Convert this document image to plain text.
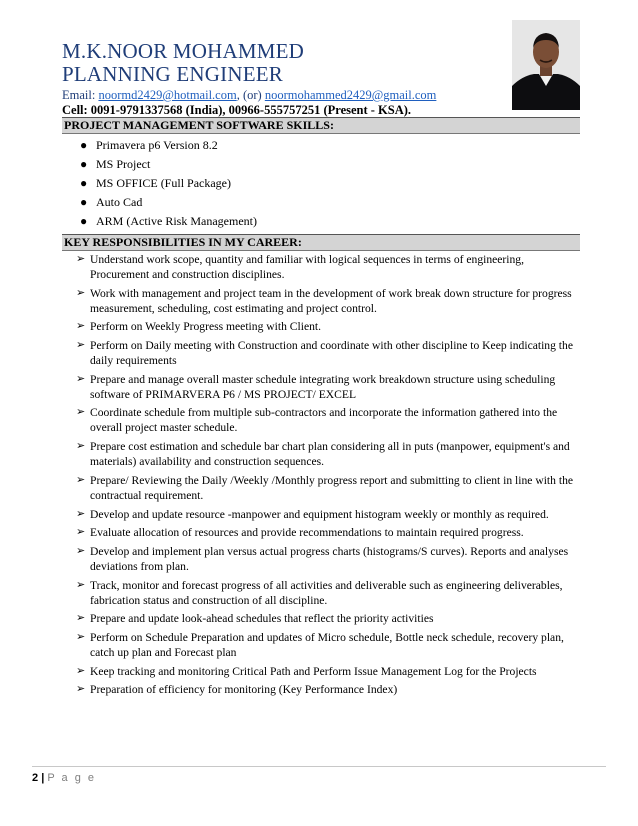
M.K.NOOR MOHAMMED
PLANNING ENGINEER
Email: noormd2429@hotmail.com, (or) noormohammed2429@gmail.com
Cell: 0091-9791337568 (India), 00966-555757251 (Present - KSA).
PROJECT MANAGEMENT SOFTWARE SKILLS:
● Primavera p6 Version 8.2
● MS Project
● MS OFFICE (Full Package)
● Auto Cad
● ARM (Active Risk Management)
KEY RESPONSIBILITIES IN MY CAREER:
➢ Understand work scope, quantity and familiar with logical sequences in terms of engineering, Procurement and construction disciplines.
➢ Work with management and project team in the development of work break down structure for progress measurement, scheduling, cost estimating and project control.
➢ Perform on Weekly Progress meeting with Client.
➢ Perform on Daily meeting with Construction and coordinate with other discipline to Keep indicating the daily requirements
➢ Prepare and manage overall master schedule integrating work breakdown structure using scheduling software of PRIMARVERA P6 / MS PROJECT/ EXCEL
➢ Coordinate schedule from multiple sub-contractors and incorporate the information gathered into the overall project master schedule.
➢ Prepare cost estimation and schedule bar chart plan considering all in puts (manpower, equipment's and materials) availability and construction sequences.
➢ Prepare/ Reviewing the Daily /Weekly /Monthly progress report and submitting to client in line with the contractual requirement.
➢ Develop and update resource -manpower and equipment histogram weekly or monthly as required.
➢ Evaluate allocation of resources and provide recommendations to maintain required progress.
➢ Develop and implement plan versus actual progress charts (histograms/S curves). Reports and analyses deviations from plan.
➢ Track, monitor and forecast progress of all activities and deliverable such as engineering deliverables, fabrication status and construction of all discipline.
➢ Prepare and update look-ahead schedules that reflect the priority activities
➢ Perform on Schedule Preparation and updates of Micro schedule, Bottle neck schedule, recovery plan, catch up plan and Forecast plan
➢ Keep tracking and monitoring Critical Path and Perform Issue Management Log for the Projects
➢ Preparation of efficiency for monitoring (Key Performance Index)
2 | P a g e
